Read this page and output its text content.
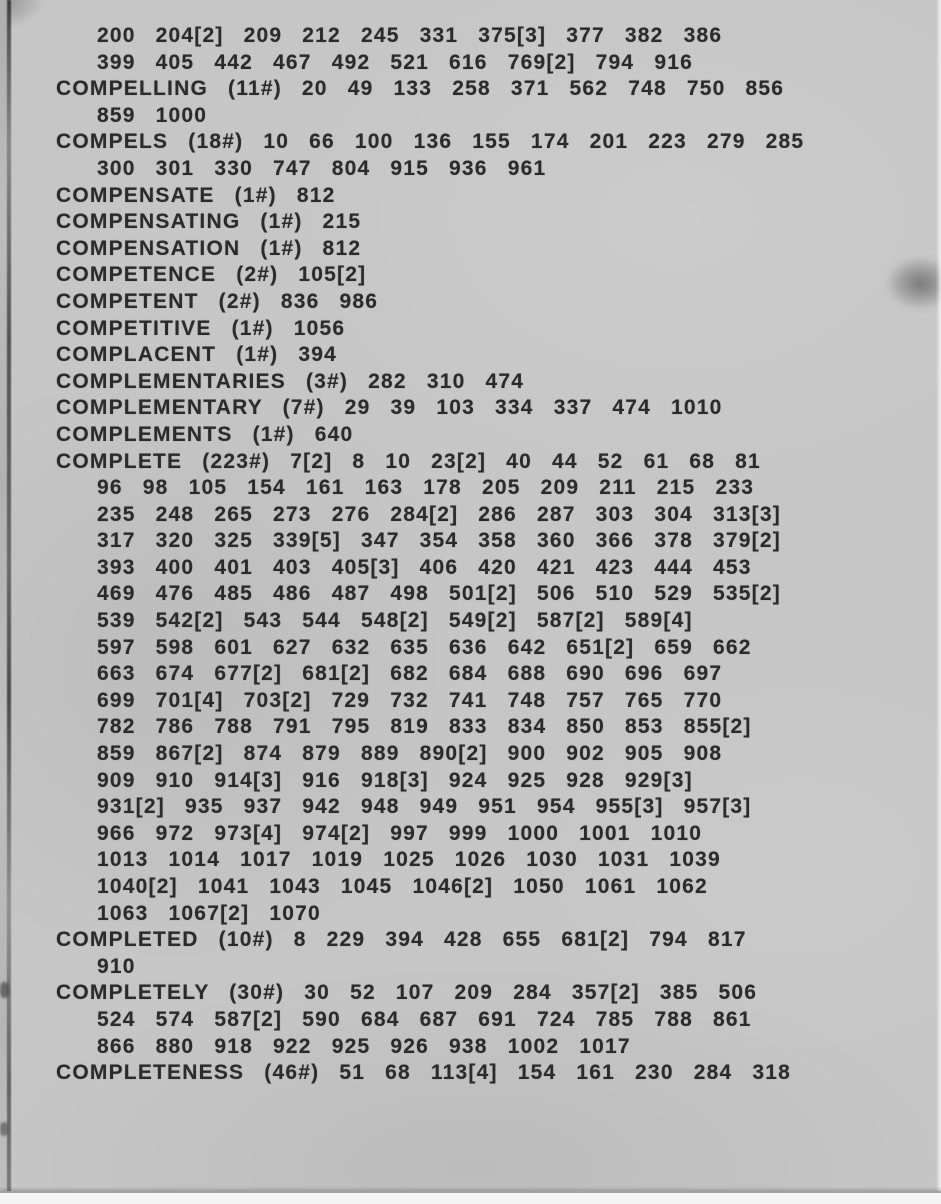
200 204[2] 209 212 245 331 375[3] 377 382 386
399 405 442 467 492 521 616 769[2] 794 916
COMPELLING (11#) 20 49 133 258 371 562 748 750 856
859 1000
COMPELS (18#) 10 66 100 136 155 174 201 223 279 285
300 301 330 747 804 915 936 961
COMPENSATE (1#) 812
COMPENSATING (1#) 215
COMPENSATION (1#) 812
COMPETENCE (2#) 105[2]
COMPETENT (2#) 836 986
COMPETITIVE (1#) 1056
COMPLACENT (1#) 394
COMPLEMENTARIES (3#) 282 310 474
COMPLEMENTARY (7#) 29 39 103 334 337 474 1010
COMPLEMENTS (1#) 640
COMPLETE (223#) 7[2] 8 10 23[2] 40 44 52 61 68 81
96 98 105 154 161 163 178 205 209 211 215 233
235 248 265 273 276 284[2] 286 287 303 304 313[3]
317 320 325 339[5] 347 354 358 360 366 378 379[2]
393 400 401 403 405[3] 406 420 421 423 444 453
469 476 485 486 487 498 501[2] 506 510 529 535[2]
539 542[2] 543 544 548[2] 549[2] 587[2] 589[4]
597 598 601 627 632 635 636 642 651[2] 659 662
663 674 677[2] 681[2] 682 684 688 690 696 697
699 701[4] 703[2] 729 732 741 748 757 765 770
782 786 788 791 795 819 833 834 850 853 855[2]
859 867[2] 874 879 889 890[2] 900 902 905 908
909 910 914[3] 916 918[3] 924 925 928 929[3]
931[2] 935 937 942 948 949 951 954 955[3] 957[3]
966 972 973[4] 974[2] 997 999 1000 1001 1010
1013 1014 1017 1019 1025 1026 1030 1031 1039
1040[2] 1041 1043 1045 1046[2] 1050 1061 1062
1063 1067[2] 1070
COMPLETED (10#) 8 229 394 428 655 681[2] 794 817
910
COMPLETELY (30#) 30 52 107 209 284 357[2] 385 506
524 574 587[2] 590 684 687 691 724 785 788 861
866 880 918 922 925 926 938 1002 1017
COMPLETENESS (46#) 51 68 113[4] 154 161 230 284 318
